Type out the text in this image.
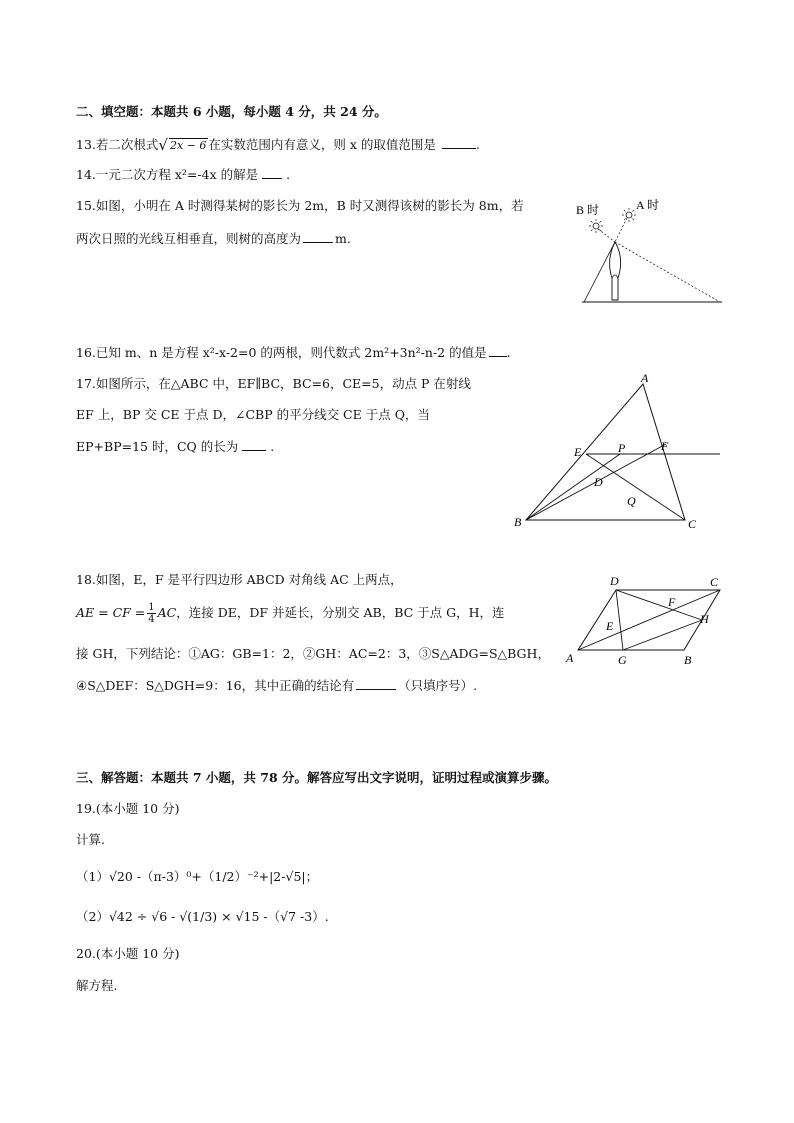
二、填空题：本题共 6 小题，每小题 4 分，共 24 分。
13.若二次根式√ 2x − 6 在实数范围内有意义，则 x 的取值范围是	.
14.一元二次方程 x²=-4x 的解是 .
15.如图，小明在 A 时测得某树的影长为 2m，B 时又测得该树的影长为 8m，若
两次日照的光线互相垂直，则树的高度为	m.
B 时	A 时
16.已知 m、n 是方程 x²-x-2=0 的两根，则代数式 2m²+3n²-n-2 的值是 .
17.如图所示，在△ABC 中，EF∥BC，BC=6，CE=5，动点 P 在射线
EF 上，BP 交 CE 于点 D，∠CBP 的平分线交 CE 于点 Q，当
EP+BP=15 时，CQ 的长为	.
A
E	P	F
D
Q
B	C
18.如图，E，F 是平行四边形 ABCD 对角线 AC 上两点，
AE = CF = $\frac{1}{4}$ AC，连接 DE，DF 并延长，分别交 AB，BC 于点 G，H，连
接 GH，下列结论：①AG：GB=1：2，②GH：AC=2：3，③S△ADG=S△BGH，
④S△DEF：S△DGH=9：16，其中正确的结论有	（只填序号）.
D	C
F
E	H
A	G	B
三、解答题：本题共 7 小题，共 78 分。解答应写出文字说明，证明过程或演算步骤。
19.(本小题 10 分)
计算.
（1）√20 -（π-3）⁰+（1/2）⁻²+|2-√5|；
（2）√42 ÷ √6 - √(1/3) × √15 -（√7 -3）.
20.(本小题 10 分)
解方程.
